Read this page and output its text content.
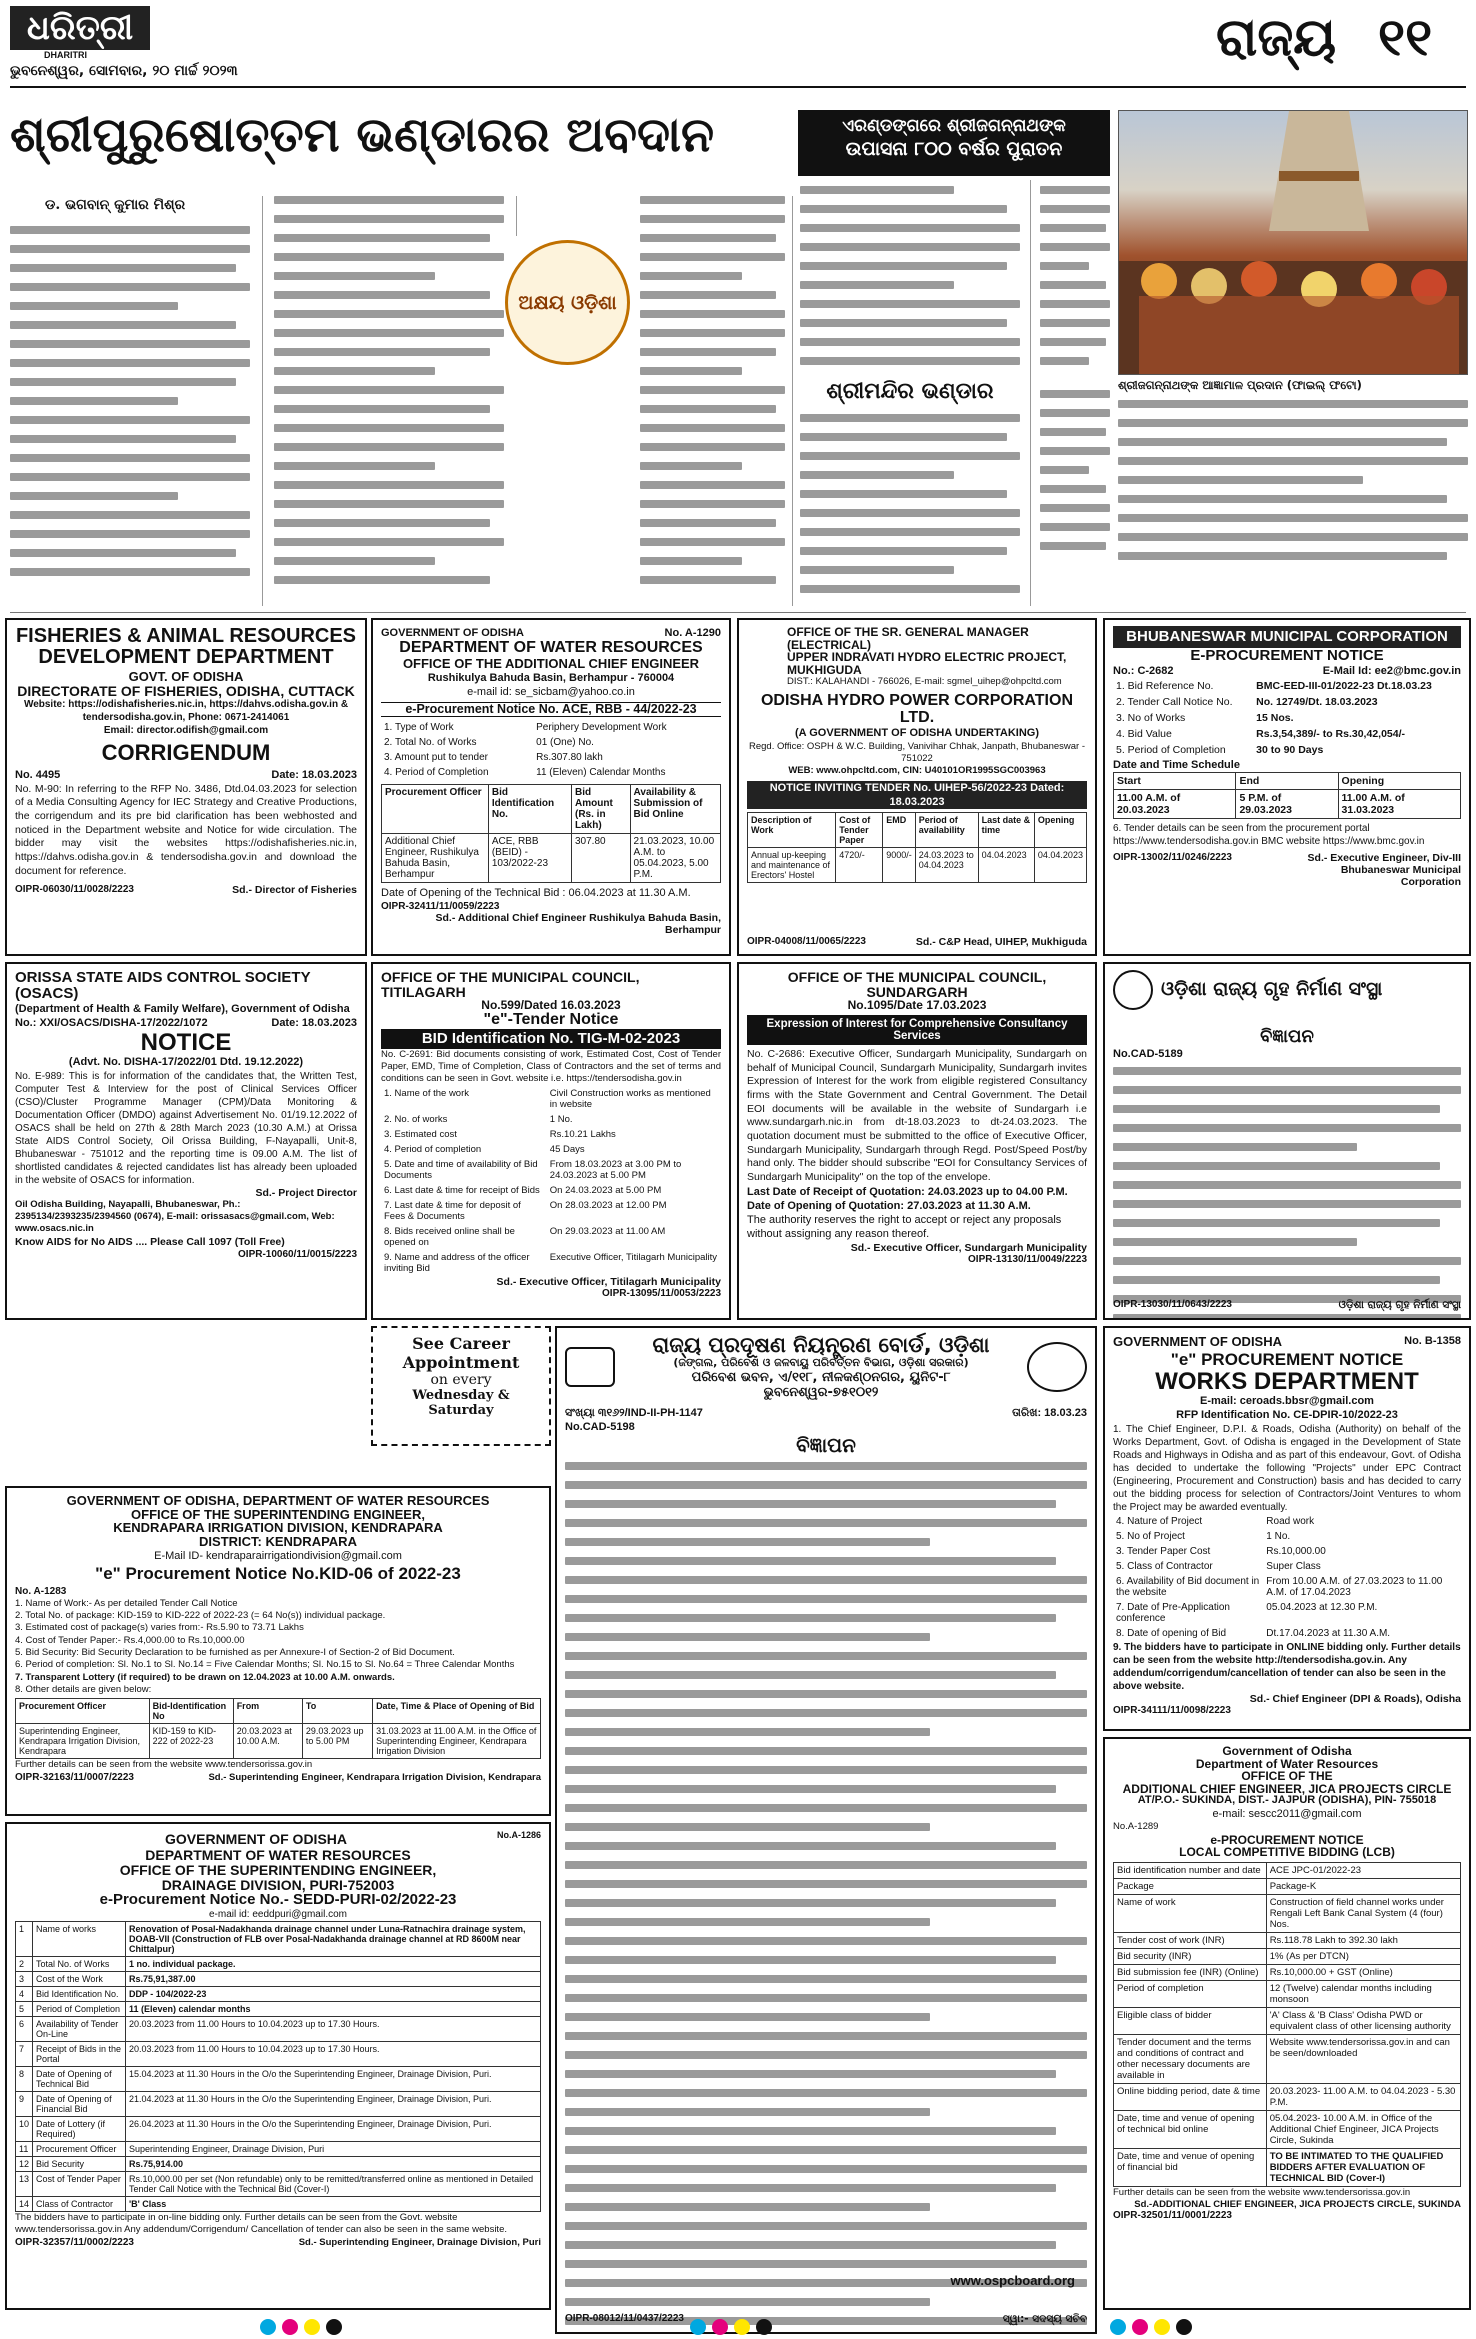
ଧରିତ୍ରୀ
DHARITRI
ଭୁବନେଶ୍ୱର, ସୋମବାର, ୨୦ ମାର୍ଚ୍ଚ ୨୦୨୩
ରାଜ୍ୟ ୧୧
ଶ୍ରୀପୁରୁଷୋତ୍ତମ ଭଣ୍ଡାରର ଅବଦାନ
ଡ. ଭଗବାନ୍ କୁମାର ମିଶ୍ର
ଅକ୍ଷୟ ଓଡ଼ିଶା
ଶ୍ରୀମନ୍ଦିର ଭଣ୍ଡାର
ଏରଣ୍ଡଙ୍ଗରେ ଶ୍ରୀଜଗନ୍ନାଥଙ୍କ
ଉପାସନା ୮୦୦ ବର୍ଷର ପୁରାତନ
ଶ୍ରୀଜଗନ୍ନାଥଙ୍କ ଆଜ୍ଞାମାଳ ପ୍ରଦାନ (ଫାଇଲ୍ ଫଟୋ)
FISHERIES & ANIMAL RESOURCES DEVELOPMENT DEPARTMENT
GOVT. OF ODISHA
DIRECTORATE OF FISHERIES, ODISHA, CUTTACK
Website: https://odishafisheries.nic.in, https://dahvs.odisha.gov.in & tendersodisha.gov.in, Phone: 0671-2414061
Email: director.odifish@gmail.com
CORRIGENDUM
No. 4495	Date: 18.03.2023
No. M-90: In referring to the RFP No. 3486, Dtd.04.03.2023 for selection of a Media Consulting Agency for IEC Strategy and Creative Productions, the corrigendum and its pre bid clarification has been webhosted and noticed in the Department website and Notice for wide circulation. The bidder may visit the websites https://odishafisheries.nic.in, https://dahvs.odisha.gov.in & tendersodisha.gov.in and download the document for reference.
OIPR-06030/11/0028/2223	Sd.- Director of Fisheries
GOVERNMENT OF ODISHA	No. A-1290
DEPARTMENT OF WATER RESOURCES
OFFICE OF THE ADDITIONAL CHIEF ENGINEER
Rushikulya Bahuda Basin, Berhampur - 760004
e-mail id: se_sicbam@yahoo.co.in
e-Procurement Notice No. ACE, RBB - 44/2022-23
1. Type of Work	Periphery Development Work
2. Total No. of Works	01 (One) No.
3. Amount put to tender	Rs.307.80 lakh
4. Period of Completion	11 (Eleven) Calendar Months
Procurement Officer	Bid Identification No.	Bid Amount (Rs. in Lakh)	Availability & Submission of Bid Online
Additional Chief Engineer, Rushikulya Bahuda Basin, Berhampur	ACE, RBB (BEID) - 103/2022-23	307.80	21.03.2023, 10.00 A.M. to 05.04.2023, 5.00 P.M.
Date of Opening of the Technical Bid : 06.04.2023 at 11.30 A.M.
OIPR-32411/11/0059/2223
Sd.- Additional Chief Engineer Rushikulya Bahuda Basin, Berhampur
OFFICE OF THE SR. GENERAL MANAGER (ELECTRICAL)
UPPER INDRAVATI HYDRO ELECTRIC PROJECT, MUKHIGUDA
DIST.: KALAHANDI - 766026, E-mail: sgmel_uihep@ohpcltd.com
ODISHA HYDRO POWER CORPORATION LTD.
(A GOVERNMENT OF ODISHA UNDERTAKING)
Regd. Office: OSPH & W.C. Building, Vanivihar Chhak, Janpath, Bhubaneswar - 751022
WEB: www.ohpcltd.com, CIN: U40101OR1995SGC003963
NOTICE INVITING TENDER No. UIHEP-56/2022-23 Dated: 18.03.2023
Description of Work	Cost of Tender Paper	EMD	Period of availability	Last date & time	Opening
Annual up-keeping and maintenance of Erectors' Hostel	4720/-	9000/-	24.03.2023 to 04.04.2023	04.04.2023	04.04.2023
OIPR-04008/11/0065/2223	Sd.- C&P Head, UIHEP, Mukhiguda
BHUBANESWAR MUNICIPAL CORPORATION
E-PROCUREMENT NOTICE
No.: C-2682	E-Mail Id: ee2@bmc.gov.in
1. Bid Reference No.	BMC-EED-III-01/2022-23 Dt.18.03.23
2. Tender Call Notice No.	No. 12749/Dt. 18.03.2023
3. No of Works	15 Nos.
4. Bid Value	Rs.3,54,389/- to Rs.30,42,054/-
5. Period of Completion	30 to 90 Days
Date and Time Schedule
Start	End	Opening
11.00 A.M. of 20.03.2023	5 P.M. of 29.03.2023	11.00 A.M. of 31.03.2023
6. Tender details can be seen from the procurement portal https://www.tendersodisha.gov.in BMC website https://www.bmc.gov.in
OIPR-13002/11/0246/2223	Sd.- Executive Engineer, Div-III Bhubaneswar Municipal Corporation
ORISSA STATE AIDS CONTROL SOCIETY (OSACS)
(Department of Health & Family Welfare), Government of Odisha
No.: XXI/OSACS/DISHA-17/2022/1072	Date: 18.03.2023
NOTICE
(Advt. No. DISHA-17/2022/01 Dtd. 19.12.2022)
No. E-989: This is for information of the candidates that, the Written Test, Computer Test & Interview for the post of Clinical Services Officer (CSO)/Cluster Programme Manager (CPM)/Data Monitoring & Documentation Officer (DMDO) against Advertisement No. 01/19.12.2022 of OSACS shall be held on 27th & 28th March 2023 (10.30 A.M.) at Orissa State AIDS Control Society, Oil Orissa Building, F-Nayapalli, Unit-8, Bhubaneswar - 751012 and the reporting time is 09.00 A.M. The list of shortlisted candidates & rejected candidates list has already been uploaded in the website of OSACS for information.
Sd.- Project Director
Oil Odisha Building, Nayapalli, Bhubaneswar, Ph.: 2395134/2393235/2394560 (0674), E-mail: orissasacs@gmail.com, Web: www.osacs.nic.in
Know AIDS for No AIDS .... Please Call 1097 (Toll Free)
OIPR-10060/11/0015/2223
OFFICE OF THE MUNICIPAL COUNCIL, TITILAGARH
No.599/Dated 16.03.2023
"e"-Tender Notice
BID Identification No. TIG-M-02-2023
No. C-2691: Bid documents consisting of work, Estimated Cost, Cost of Tender Paper, EMD, Time of Completion, Class of Contractors and the set of terms and conditions can be seen in Govt. website i.e. https://tendersodisha.gov.in
1. Name of the work	Civil Construction works as mentioned in website
2. No. of works	1 No.
3. Estimated cost	Rs.10.21 Lakhs
4. Period of completion	45 Days
5. Date and time of availability of Bid Documents	From 18.03.2023 at 3.00 PM to 24.03.2023 at 5.00 PM
6. Last date & time for receipt of Bids	On 24.03.2023 at 5.00 PM
7. Last date & time for deposit of Fees & Documents	On 28.03.2023 at 12.00 PM
8. Bids received online shall be opened on	On 29.03.2023 at 11.00 AM
9. Name and address of the officer inviting Bid	Executive Officer, Titilagarh Municipality
Sd.- Executive Officer, Titilagarh Municipality
OIPR-13095/11/0053/2223
OFFICE OF THE MUNICIPAL COUNCIL, SUNDARGARH
No.1095/Date 17.03.2023
Expression of Interest for Comprehensive Consultancy Services
No. C-2686: Executive Officer, Sundargarh Municipality, Sundargarh on behalf of Municipal Council, Sundargarh Municipality, Sundargarh invites Expression of Interest for the work from eligible registered Consultancy firms with the State Government and Central Government. The Detail EOI documents will be available in the website of Sundargarh i.e www.sundargarh.nic.in from dt-18.03.2023 to dt-24.03.2023. The quotation document must be submitted to the office of Executive Officer, Sundargarh Municipality, Sundargarh through Regd. Post/Speed Post/by hand only. The bidder should subscribe "EOI for Consultancy Services of Sundargarh Municipality" on the top of the envelope.
Last Date of Receipt of Quotation: 24.03.2023 up to 04.00 P.M.
Date of Opening of Quotation: 27.03.2023 at 11.30 A.M.
The authority reserves the right to accept or reject any proposals without assigning any reason thereof.
Sd.- Executive Officer, Sundargarh Municipality
OIPR-13130/11/0049/2223
ଓଡ଼ିଶା ରାଜ୍ୟ ଗୃହ ନିର୍ମାଣ ସଂସ୍ଥା
ବିଜ୍ଞାପନ
No.CAD-5189
OIPR-13030/11/0643/2223	ଓଡ଼ିଶା ରାଜ୍ୟ ଗୃହ ନିର୍ମାଣ ସଂସ୍ଥା
See Career
Appointment
on every
Wednesday & Saturday
ରାଜ୍ୟ ପ୍ରଦୂଷଣ ନିୟନ୍ତ୍ରଣ ବୋର୍ଡ, ଓଡ଼ିଶା
(ଜଙ୍ଗଲ, ପରିବେଶ ଓ ଜଳବାୟୁ ପରିବର୍ତ୍ତନ ବିଭାଗ, ଓଡ଼ିଶା ସରକାର)
ପରିବେଶ ଭବନ, ଏ/୧୧୮, ନୀଳକଣ୍ଠନଗର, ୟୁନିଟ-୮
ଭୁବନେଶ୍ୱର-୭୫୧୦୧୨
ସଂଖ୍ୟା ୩୧୬୨/IND-II-PH-1147	ତାରିଖ: 18.03.23
No.CAD-5198
ବିଜ୍ଞାପନ
www.ospcboard.org
OIPR-08012/11/0437/2223	ସ୍ୱା:- ସଦସ୍ୟ ସଚିବ
GOVERNMENT OF ODISHA	No. B-1358
"e" PROCUREMENT NOTICE
WORKS DEPARTMENT
E-mail: ceroads.bbsr@gmail.com
RFP Identification No. CE-DPIR-10/2022-23
1. The Chief Engineer, D.P.I. & Roads, Odisha (Authority) on behalf of the Works Department, Govt. of Odisha is engaged in the Development of State Roads and Highways in Odisha and as part of this endeavour, Govt. of Odisha has decided to undertake the following "Projects" under EPC Contract (Engineering, Procurement and Construction) basis and has decided to carry out the bidding process for selection of Contractors/Joint Ventures to whom the Project may be awarded eventually.
4. Nature of Project	Road work
5. No of Project	1 No.
3. Tender Paper Cost	Rs.10,000.00
5. Class of Contractor	Super Class
6. Availability of Bid document in the website	From 10.00 A.M. of 27.03.2023 to 11.00 A.M. of 17.04.2023
7. Date of Pre-Application conference	05.04.2023 at 12.30 P.M.
8. Date of opening of Bid	Dt.17.04.2023 at 11.30 A.M.
9. The bidders have to participate in ONLINE bidding only. Further details can be seen from the website http://tendersodisha.gov.in. Any addendum/corrigendum/cancellation of tender can also be seen in the above website.
Sd.- Chief Engineer (DPI & Roads), Odisha
OIPR-34111/11/0098/2223
GOVERNMENT OF ODISHA, DEPARTMENT OF WATER RESOURCES
OFFICE OF THE SUPERINTENDING ENGINEER,
KENDRAPARA IRRIGATION DIVISION, KENDRAPARA
DISTRICT: KENDRAPARA
E-Mail ID- kendraparairrigationdivision@gmail.com
"e" Procurement Notice No.KID-06 of 2022-23
No. A-1283
1. Name of Work:- As per detailed Tender Call Notice
2. Total No. of package: KID-159 to KID-222 of 2022-23 (= 64 No(s)) individual package.
3. Estimated cost of package(s) varies from:- Rs.5.90 to 73.71 Lakhs
4. Cost of Tender Paper:- Rs.4,000.00 to Rs.10,000.00
5. Bid Security: Bid Security Declaration to be furnished as per Annexure-I of Section-2 of Bid Document.
6. Period of completion: Sl. No.1 to Sl. No.14 = Five Calendar Months; Sl. No.15 to Sl. No.64 = Three Calendar Months
7. Transparent Lottery (if required) to be drawn on 12.04.2023 at 10.00 A.M. onwards.
8. Other details are given below:
Procurement Officer	Bid-Identification No	From	To	Date, Time & Place of Opening of Bid
Superintending Engineer, Kendrapara Irrigation Division, Kendrapara	KID-159 to KID-222 of 2022-23	20.03.2023 at 10.00 A.M.	29.03.2023 up to 5.00 PM	31.03.2023 at 11.00 A.M. in the Office of Superintending Engineer, Kendrapara Irrigation Division
Further details can be seen from the website www.tendersorissa.gov.in
OIPR-32163/11/0007/2223	Sd.- Superintending Engineer, Kendrapara Irrigation Division, Kendrapara
GOVERNMENT OF ODISHA	No.A-1286
DEPARTMENT OF WATER RESOURCES
OFFICE OF THE SUPERINTENDING ENGINEER,
DRAINAGE DIVISION, PURI-752003
e-Procurement Notice No.- SEDD-PURI-02/2022-23
e-mail id: eeddpuri@gmail.com
1	Name of works	Renovation of Posal-Nadakhanda drainage channel under Luna-Ratnachira drainage system, DOAB-VII (Construction of FLB over Posal-Nadakhanda drainage channel at RD 8600M near Chittalpur)
2	Total No. of Works	1 no. individual package.
3	Cost of the Work	Rs.75,91,387.00
4	Bid Identification No.	DDP - 104/2022-23
5	Period of Completion	11 (Eleven) calendar months
6	Availability of Tender On-Line	20.03.2023 from 11.00 Hours to 10.04.2023 up to 17.30 Hours.
7	Receipt of Bids in the Portal	20.03.2023 from 11.00 Hours to 10.04.2023 up to 17.30 Hours.
8	Date of Opening of Technical Bid	15.04.2023 at 11.30 Hours in the O/o the Superintending Engineer, Drainage Division, Puri.
9	Date of Opening of Financial Bid	21.04.2023 at 11.30 Hours in the O/o the Superintending Engineer, Drainage Division, Puri.
10	Date of Lottery (if Required)	26.04.2023 at 11.30 Hours in the O/o the Superintending Engineer, Drainage Division, Puri.
11	Procurement Officer	Superintending Engineer, Drainage Division, Puri
12	Bid Security	Rs.75,914.00
13	Cost of Tender Paper	Rs.10,000.00 per set (Non refundable) only to be remitted/transferred online as mentioned in Detailed Tender Call Notice with the Technical Bid (Cover-I)
14	Class of Contractor	'B' Class
The bidders have to participate in on-line bidding only. Further details can be seen from the Govt. website www.tendersorissa.gov.in Any addendum/Corrigendum/ Cancellation of tender can also be seen in the same website.
OIPR-32357/11/0002/2223	Sd.- Superintending Engineer, Drainage Division, Puri
Government of Odisha
Department of Water Resources
OFFICE OF THE
ADDITIONAL CHIEF ENGINEER, JICA PROJECTS CIRCLE
AT/P.O.- SUKINDA, DIST.- JAJPUR (ODISHA), PIN- 755018
e-mail: sescc2011@gmail.com
No.A-1289
e-PROCUREMENT NOTICE
LOCAL COMPETITIVE BIDDING (LCB)
Bid identification number and date	ACE JPC-01/2022-23
Package	Package-K
Name of work	Construction of field channel works under Rengali Left Bank Canal System (4 (four) Nos.
Tender cost of work (INR)	Rs.118.78 Lakh to 392.30 lakh
Bid security (INR)	1% (As per DTCN)
Bid submission fee (INR) (Online)	Rs.10,000.00 + GST (Online)
Period of completion	12 (Twelve) calendar months including monsoon
Eligible class of bidder	'A' Class & 'B Class' Odisha PWD or equivalent class of other licensing authority
Tender document and the terms and conditions of contract and other necessary documents are available in	Website www.tendersorissa.gov.in and can be seen/downloaded
Online bidding period, date & time	20.03.2023- 11.00 A.M. to 04.04.2023 - 5.30 P.M.
Date, time and venue of opening of technical bid online	05.04.2023- 10.00 A.M. in Office of the Additional Chief Engineer, JICA Projects Circle, Sukinda
Date, time and venue of opening of financial bid	TO BE INTIMATED TO THE QUALIFIED BIDDERS AFTER EVALUATION OF TECHNICAL BID (Cover-I)
Further details can be seen from the website www.tendersorissa.gov.in
Sd.-ADDITIONAL CHIEF ENGINEER, JICA PROJECTS CIRCLE, SUKINDA
OIPR-32501/11/0001/2223
